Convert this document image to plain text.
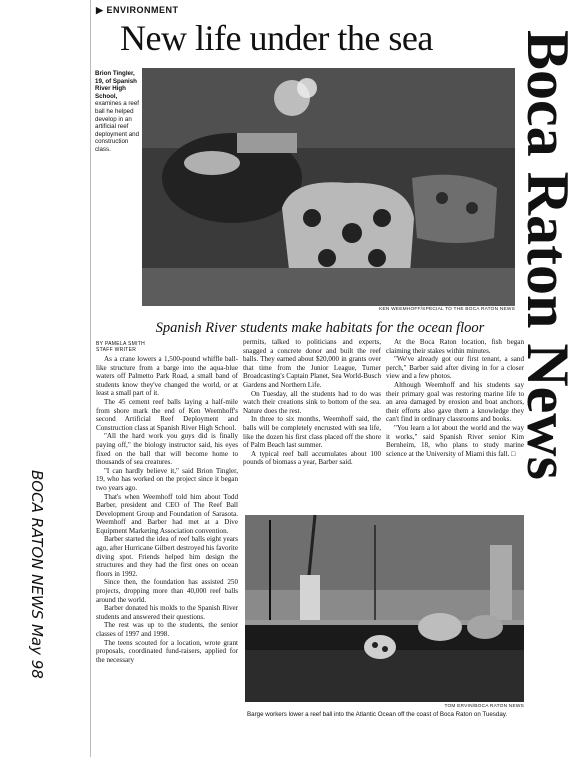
▶ ENVIRONMENT
New life under the sea
Brion Tingler, 19, of Spanish River High School,
examines a reef ball he helped develop in an artificial reef deployment and construction class.
KEN WEEMHOFF/SPECIAL TO THE BOCA RATON NEWS
Spanish River students make habitats for the ocean floor
BY PAMELA SMITH
STAFF WRITER

As a crane lowers a 1,500-pound whiffle ball-like structure from a barge into the aqua-blue waters off Palmetto Park Road, a small band of students know they've changed the world, or at least a small part of it.

The 45 cement reef balls laying a half-mile from shore mark the end of Ken Weemhoff's second Artificial Reef Deployment and Construction class at Spanish River High School.

"All the hard work you guys did is finally paying off," the biology instructor said, his eyes fixed on the ball that will become home to thousands of sea creatures.

"I can hardly believe it," said Brion Tingler, 19, who has worked on the project since it began two years ago.

That's when Weemhoff told him about Todd Barber, president and CEO of The Reef Ball Development Group and Foundation of Sarasota. Weemhoff and Barber had met at a Dive Equipment Marketing Association convention.

Barber started the idea of reef balls eight years ago, after Hurricane Gilbert destroyed his favorite diving spot. Friends helped him design the structures and they had the first ones on ocean floors in 1992.

Since then, the foundation has assisted 250 projects, dropping more than 40,000 reef balls around the world.

Barber donated his molds to the Spanish River students and answered their questions.

The rest was up to the students, the senior classes of 1997 and 1998.

The teens scouted for a location, wrote grant proposals, coordinated fund-raisers, applied for the necessary

permits, talked to politicians and experts, snagged a concrete donor and built the reef balls. They earned about $20,000 in grants over that time from the Junior League, Turner Broadcasting's Captain Planet, Sea World-Busch Gardens and Northern Life.

On Tuesday, all the students had to do was watch their creations sink to bottom of the sea. Nature does the rest.

In three to six months, Weemhoff said, the balls will be completely encrusted with sea life, like the dozen his first class placed off the shore of Palm Beach last summer.

A typical reef ball accumulates about 100 pounds of biomass a year, Barber said.

At the Boca Raton location, fish began claiming their stakes within minutes.

"We've already got our first tenant, a sand perch," Barber said after diving in for a closer view and a few photos.

Although Weemhoff and his students say their primary goal was restoring marine life to an area damaged by erosion and boat anchors, their efforts also gave them a knowledge they can't find in ordinary classrooms and books.

"You learn a lot about the world and the way it works," said Spanish River senior Kim Bernheim, 18, who plans to study marine science at the University of Miami this fall. □

TOM ERVIN/BOCA RATON NEWS
Barge workers lower a reef ball into the Atlantic Ocean off the coast of Boca Raton on Tuesday.
Boca Raton News
BOCA RATON NEWS May 98
